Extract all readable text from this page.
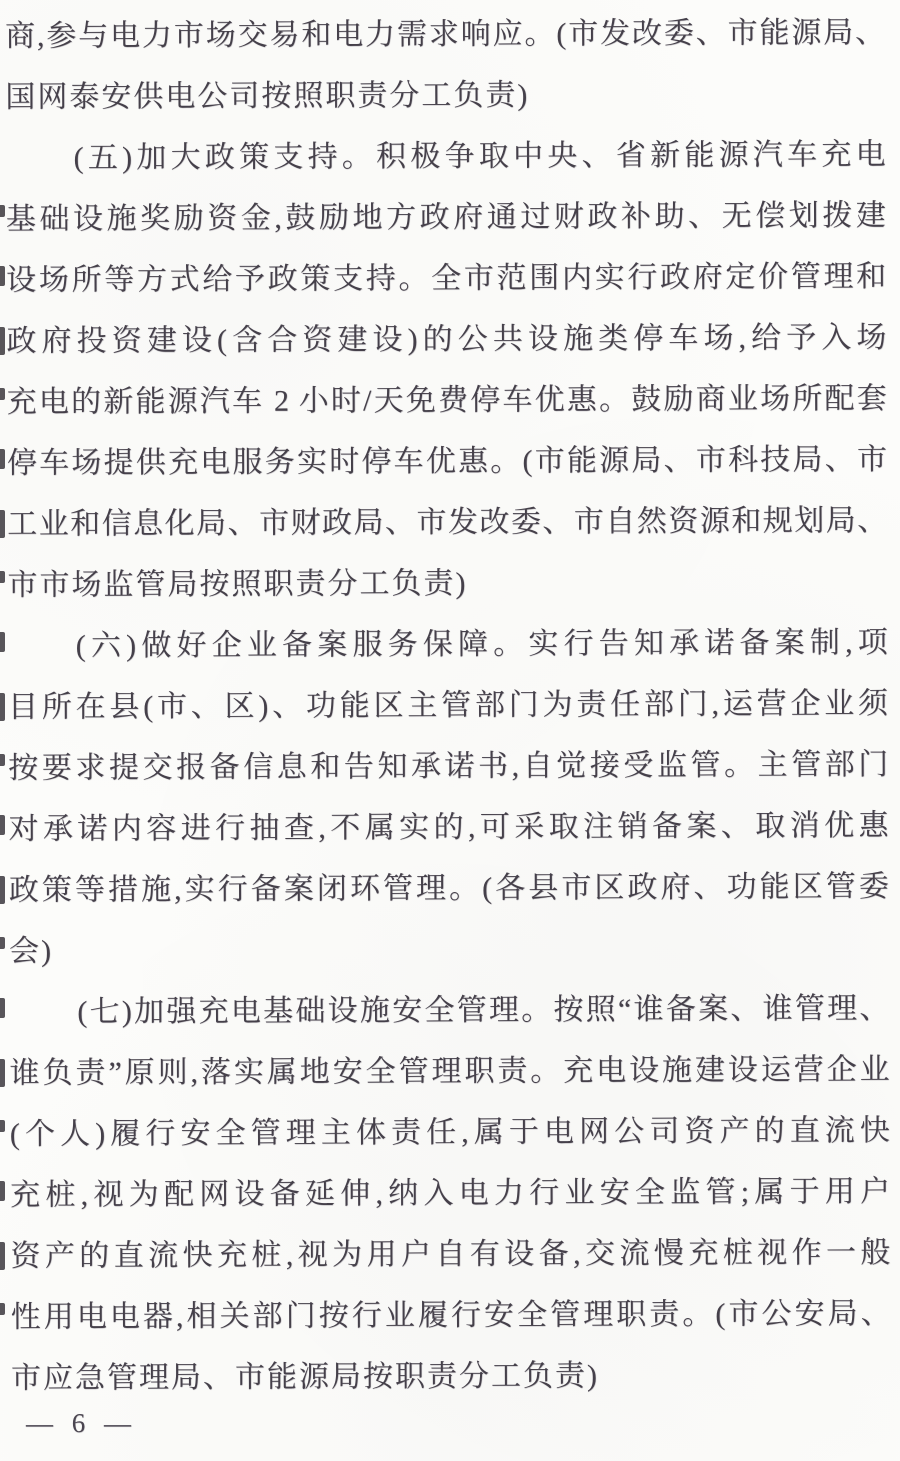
商,参与电力市场交易和电力需求响应。(市发改委、市能源局、
国网泰安供电公司按照职责分工负责)
(五)加大政策支持。积极争取中央、省新能源汽车充电
基础设施奖励资金,鼓励地方政府通过财政补助、无偿划拨建
设场所等方式给予政策支持。全市范围内实行政府定价管理和
政府投资建设(含合资建设)的公共设施类停车场,给予入场
充电的新能源汽车 2 小时/天免费停车优惠。鼓励商业场所配套
停车场提供充电服务实时停车优惠。(市能源局、市科技局、市
工业和信息化局、市财政局、市发改委、市自然资源和规划局、
市市场监管局按照职责分工负责)
(六)做好企业备案服务保障。实行告知承诺备案制,项
目所在县(市、区)、功能区主管部门为责任部门,运营企业须
按要求提交报备信息和告知承诺书,自觉接受监管。主管部门
对承诺内容进行抽查,不属实的,可采取注销备案、取消优惠
政策等措施,实行备案闭环管理。(各县市区政府、功能区管委
会)
(七)加强充电基础设施安全管理。按照“谁备案、谁管理、
谁负责”原则,落实属地安全管理职责。充电设施建设运营企业
(个人)履行安全管理主体责任,属于电网公司资产的直流快
充桩,视为配网设备延伸,纳入电力行业安全监管;属于用户
资产的直流快充桩,视为用户自有设备,交流慢充桩视作一般
性用电电器,相关部门按行业履行安全管理职责。(市公安局、
市应急管理局、市能源局按职责分工负责)
— 6 —
